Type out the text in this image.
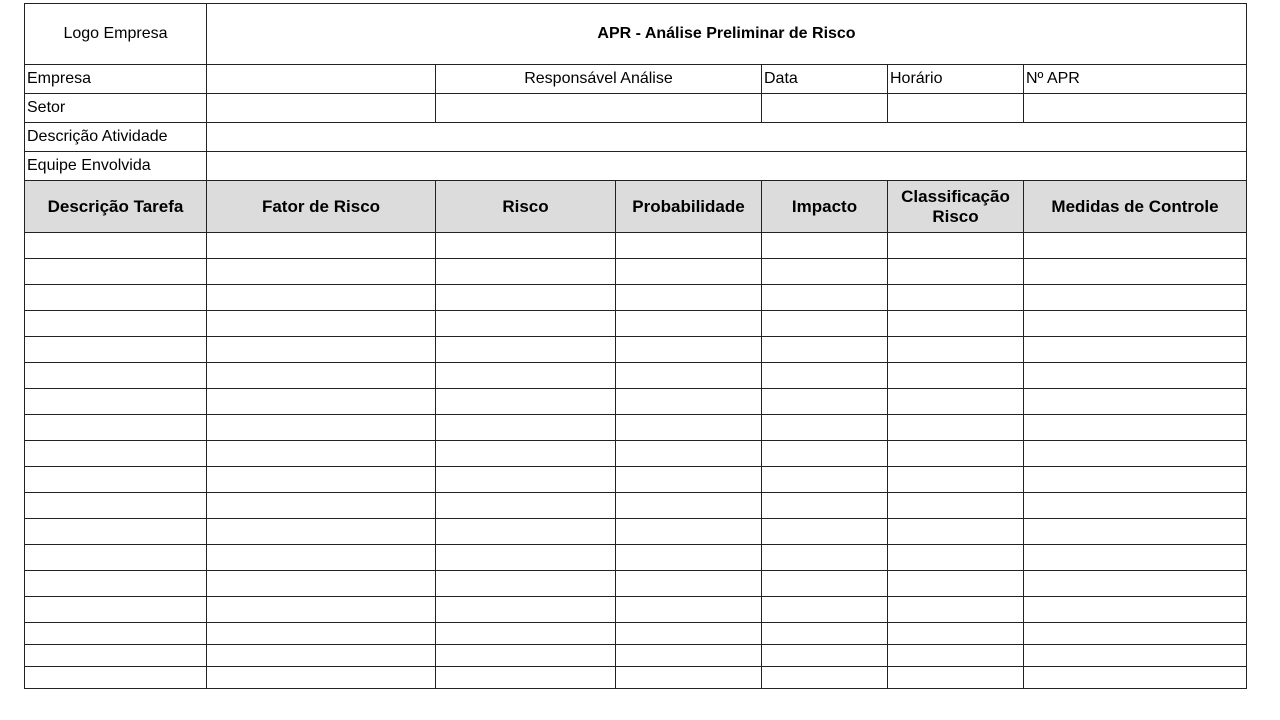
Logo Empresa	APR - Análise Preliminar de Risco					
Empresa		Responsável Análise		Data	Horário	Nº APR
Setor						
Descrição Atividade						
Equipe Envolvida						
Descrição Tarefa	Fator de Risco	Risco	Probabilidade	Impacto	Classificação Risco	Medidas de Controle
